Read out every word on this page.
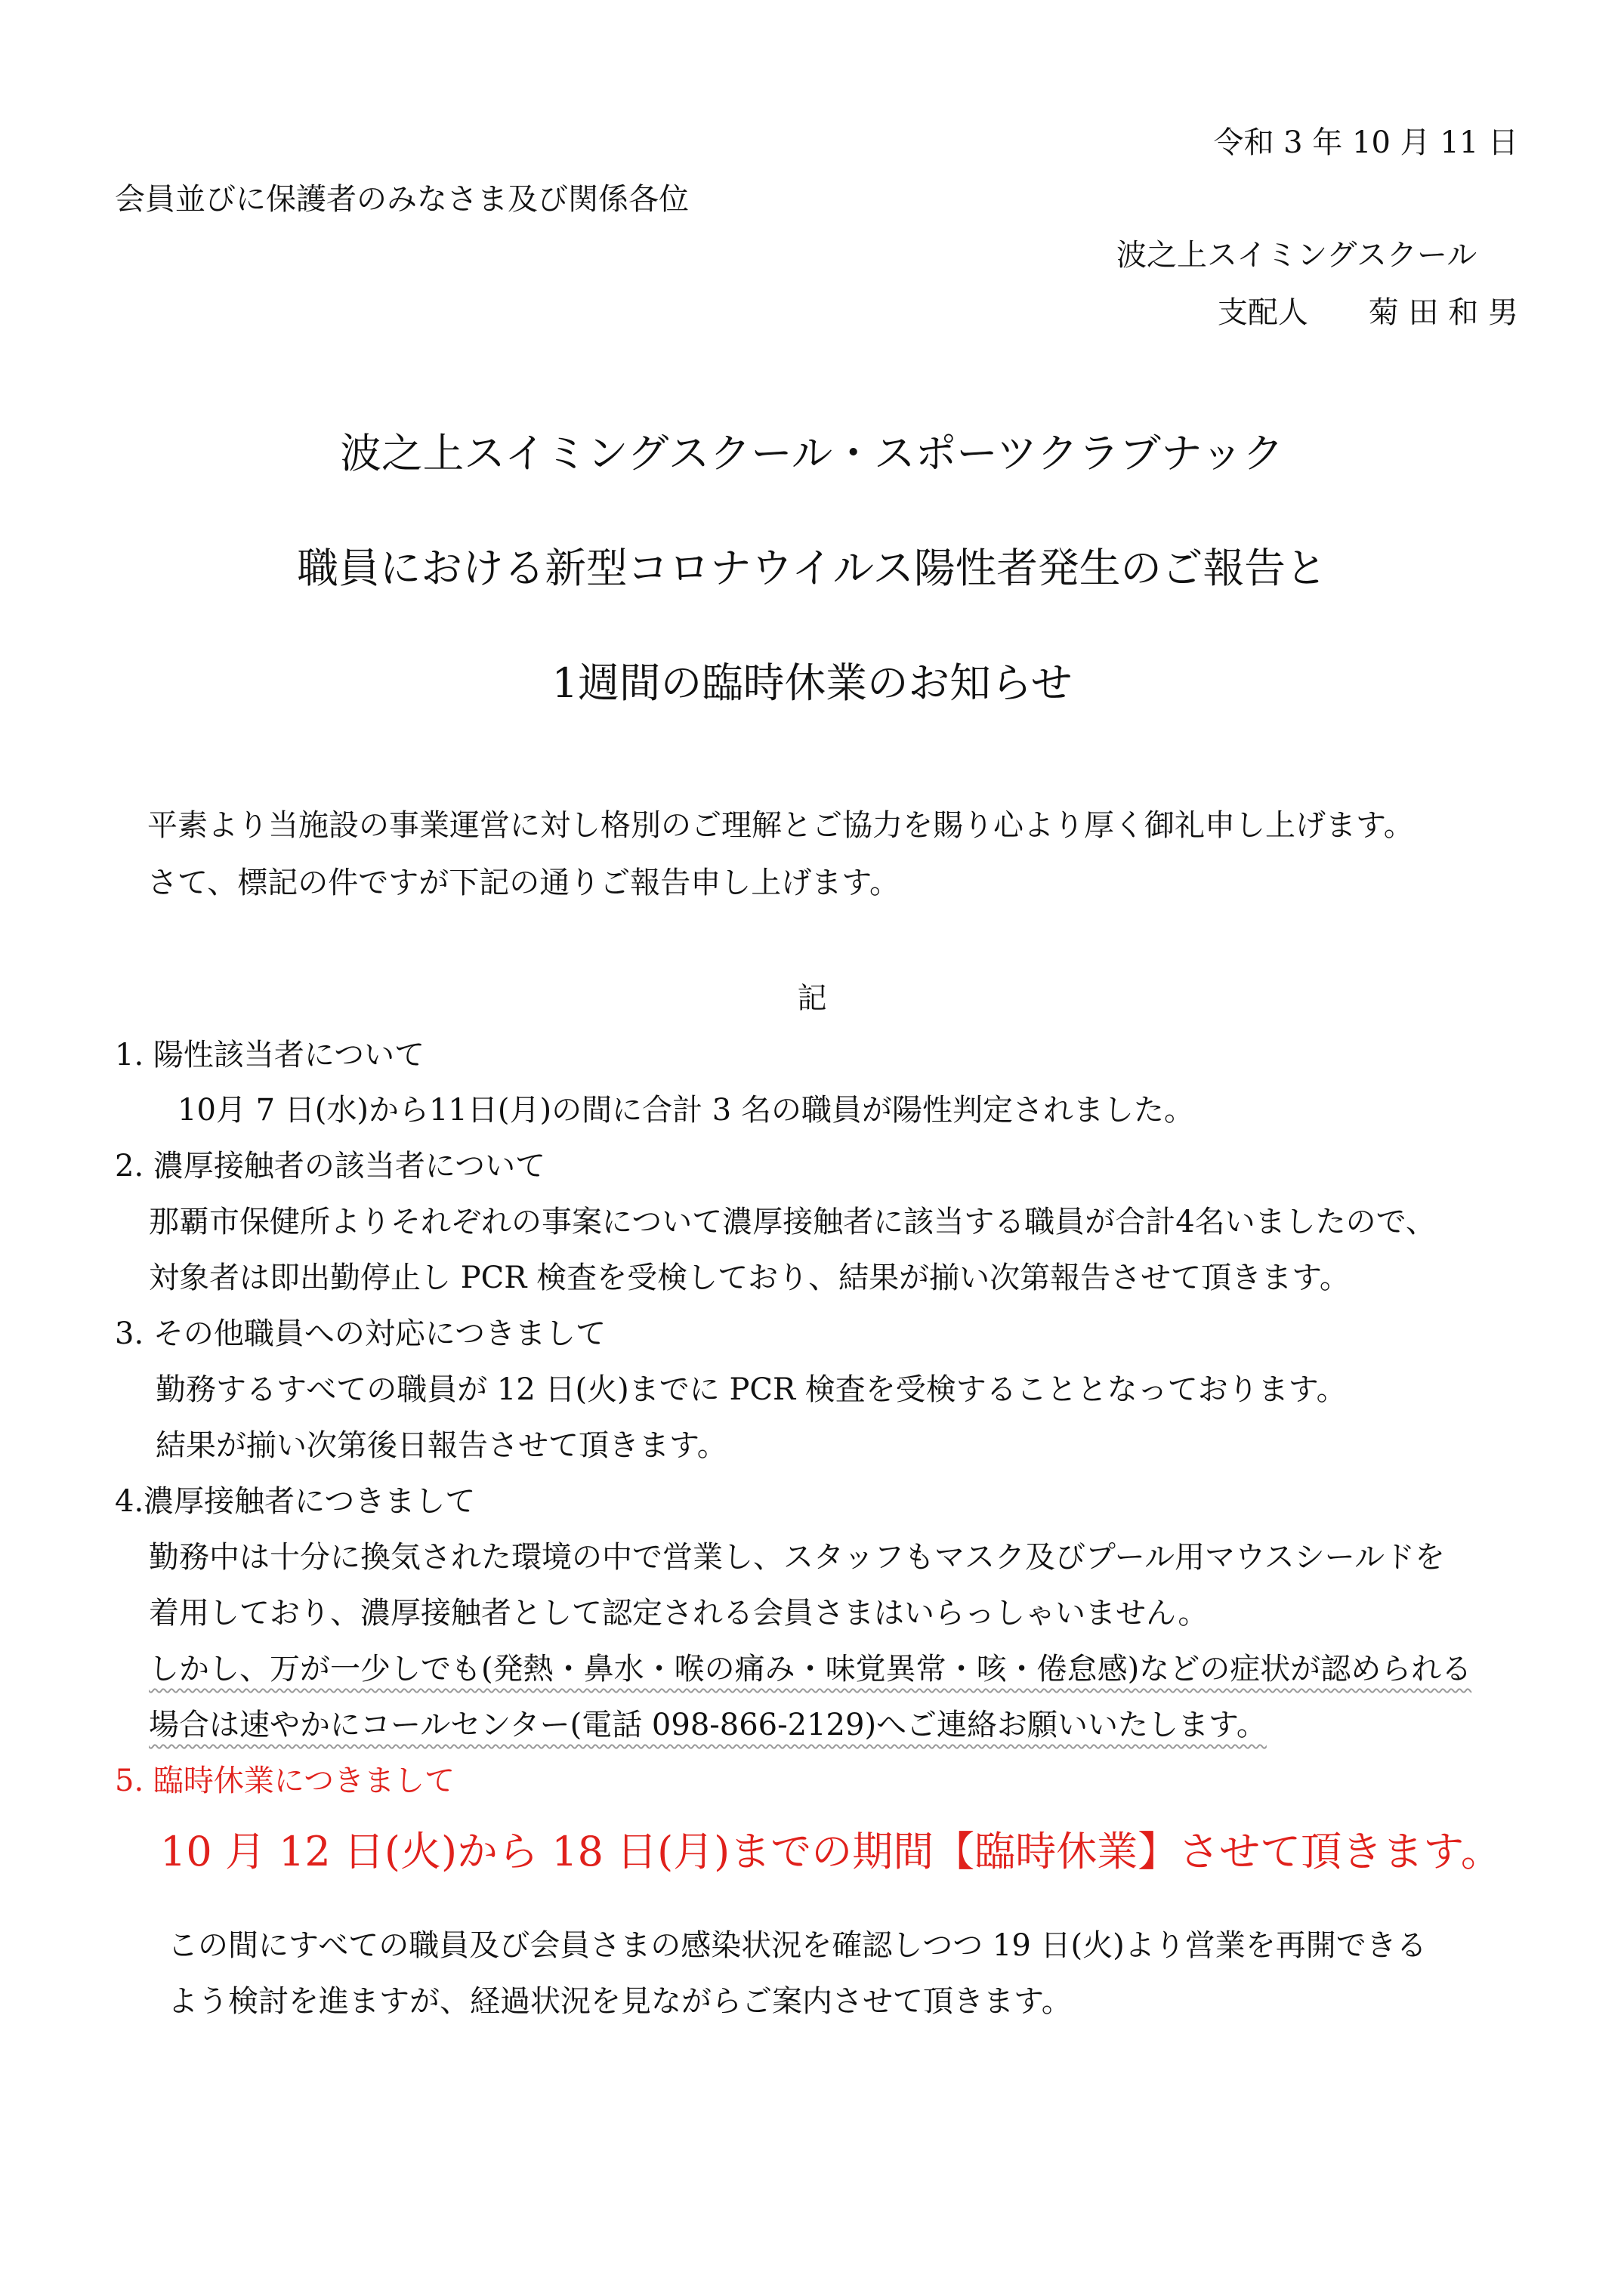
令和 3 年 10 月 11 日
会員並びに保護者のみなさま及び関係各位
波之上スイミングスクール
支配人　　菊 田 和 男
波之上スイミングスクール・スポーツクラブナック
職員における新型コロナウイルス陽性者発生のご報告と
1週間の臨時休業のお知らせ
平素より当施設の事業運営に対し格別のご理解とご協力を賜り心より厚く御礼申し上げます。
さて、標記の件ですが下記の通りご報告申し上げます。
記
1. 陽性該当者について
10月 7 日(水)から11日(月)の間に合計 3 名の職員が陽性判定されました。
2. 濃厚接触者の該当者について
那覇市保健所よりそれぞれの事案について濃厚接触者に該当する職員が合計4名いましたので、
対象者は即出勤停止し PCR 検査を受検しており、結果が揃い次第報告させて頂きます。
3. その他職員への対応につきまして
勤務するすべての職員が 12 日(火)までに PCR 検査を受検することとなっております。
結果が揃い次第後日報告させて頂きます。
4.濃厚接触者につきまして
勤務中は十分に換気された環境の中で営業し、スタッフもマスク及びプール用マウスシールドを
着用しており、濃厚接触者として認定される会員さまはいらっしゃいません。
しかし、万が一少しでも(発熱・鼻水・喉の痛み・味覚異常・咳・倦怠感)などの症状が認められる
場合は速やかにコールセンター(電話 098-866-2129)へご連絡お願いいたします。
5. 臨時休業につきまして
10 月 12 日(火)から 18 日(月)までの期間【臨時休業】させて頂きます。
この間にすべての職員及び会員さまの感染状況を確認しつつ 19 日(火)より営業を再開できる
よう検討を進ますが、経過状況を見ながらご案内させて頂きます。
